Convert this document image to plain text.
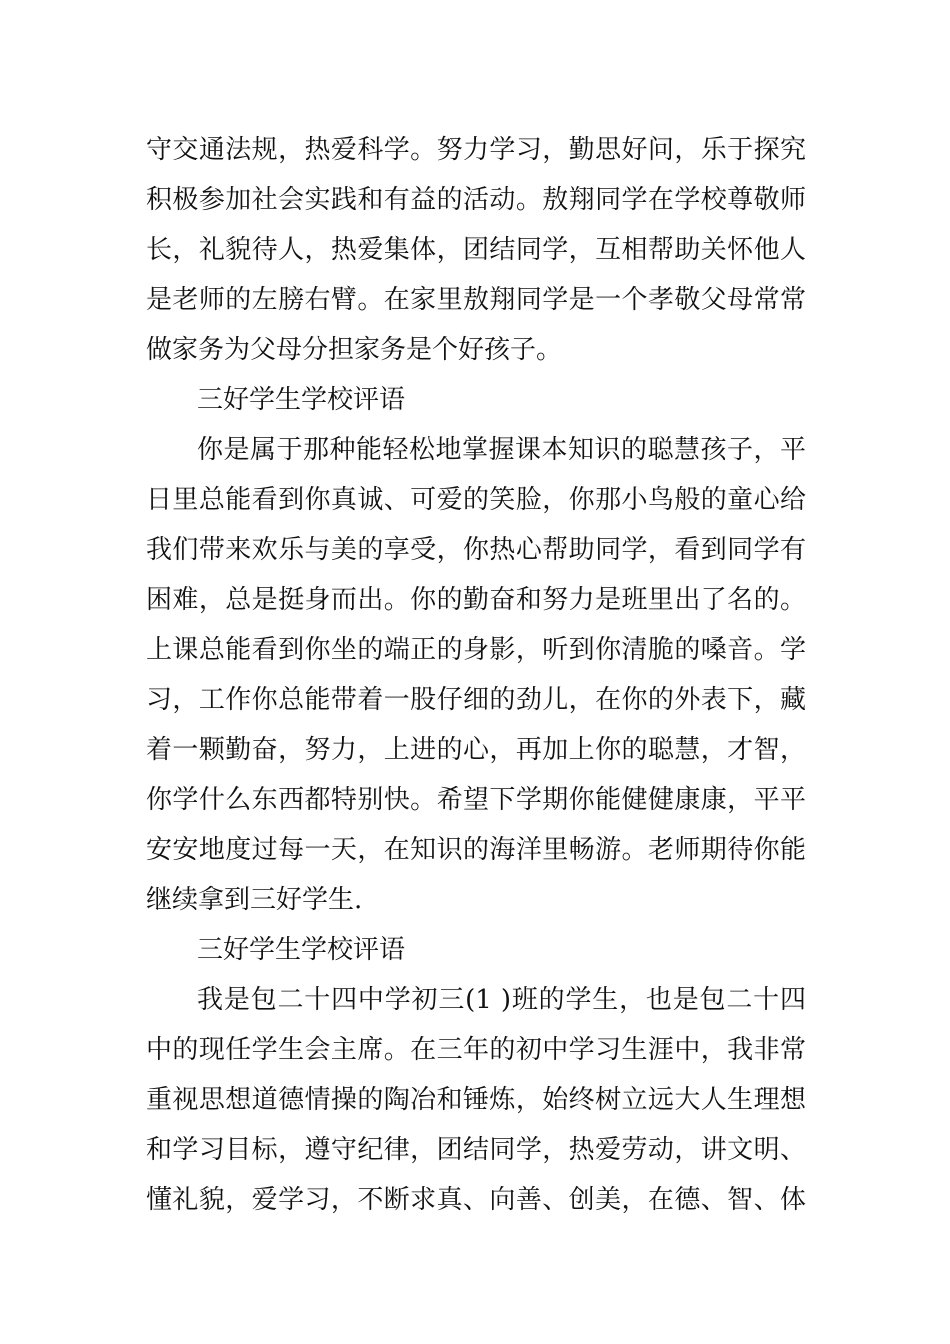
守交通法规，热爱科学。努力学习，勤思好问，乐于探究
积极参加社会实践和有益的活动。敖翔同学在学校尊敬师
长，礼貌待人，热爱集体，团结同学，互相帮助关怀他人
是老师的左膀右臂。在家里敖翔同学是一个孝敬父母常常
做家务为父母分担家务是个好孩子。
三好学生学校评语
你是属于那种能轻松地掌握课本知识的聪慧孩子，平
日里总能看到你真诚、可爱的笑脸，你那小鸟般的童心给
我们带来欢乐与美的享受，你热心帮助同学，看到同学有
困难，总是挺身而出。你的勤奋和努力是班里出了名的。
上课总能看到你坐的端正的身影，听到你清脆的嗓音。学
习，工作你总能带着一股仔细的劲儿，在你的外表下，藏
着一颗勤奋，努力，上进的心，再加上你的聪慧，才智，
你学什么东西都特别快。希望下学期你能健健康康，平平
安安地度过每一天，在知识的海洋里畅游。老师期待你能
继续拿到三好学生.
三好学生学校评语
我是包二十四中学初三(1 )班的学生，也是包二十四
中的现任学生会主席。在三年的初中学习生涯中，我非常
重视思想道德情操的陶冶和锤炼，始终树立远大人生理想
和学习目标，遵守纪律，团结同学，热爱劳动，讲文明、
懂礼貌，爱学习，不断求真、向善、创美，在德、智、体
